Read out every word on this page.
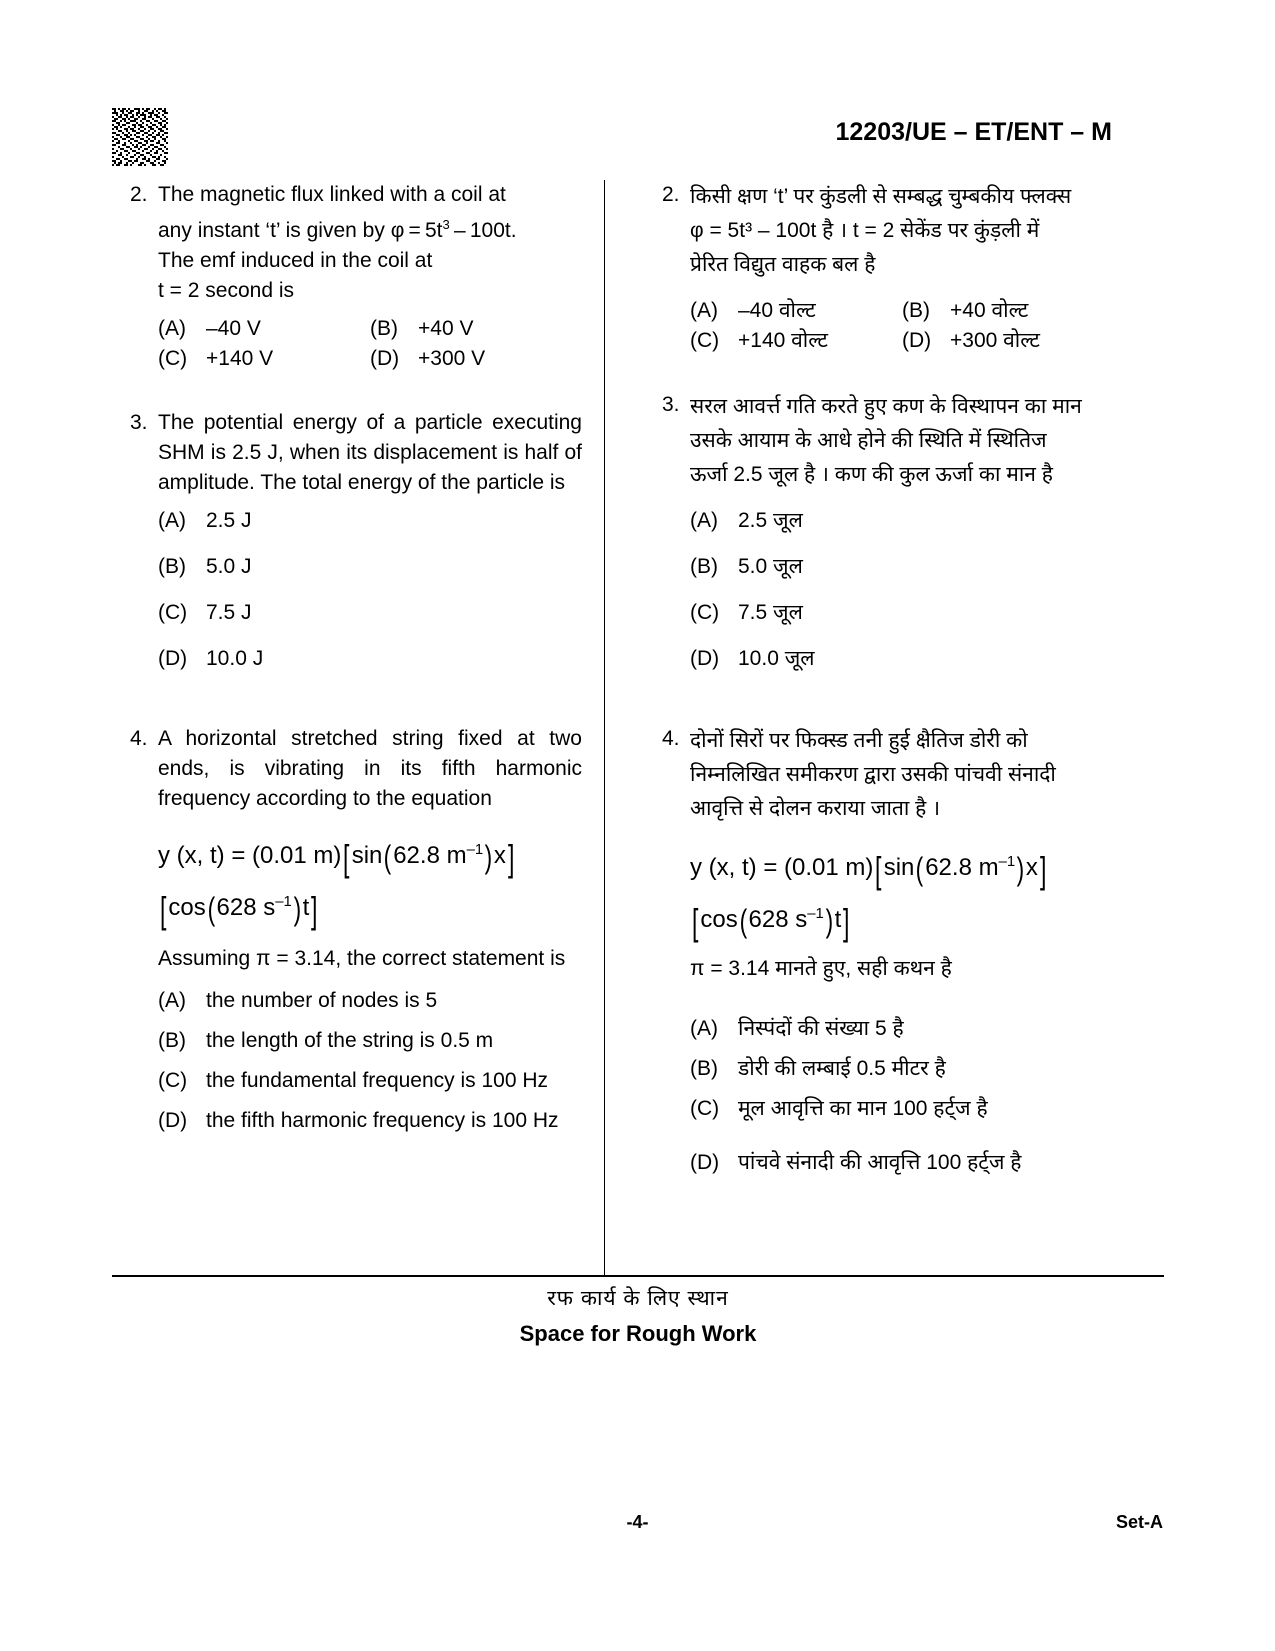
12203/UE – ET/ENT – M
2. The magnetic flux linked with a coil at
any instant ‘t’ is given by $\varphi = 5t^3 - 100t$.
The emf induced in the coil at
t = 2 second is
(A) –40 V	(B) +40 V
(C) +140 V	(D) +300 V
3. The potential energy of a particle executing SHM is 2.5 J, when its displacement is half of amplitude. The total energy of the particle is
(A) 2.5 J
(B) 5.0 J
(C) 7.5 J
(D) 10.0 J
4. A horizontal stretched string fixed at two ends, is vibrating in its fifth harmonic frequency according to the equation
y (x, t) = (0.01 m)[sin(62.8 $m^{-1})x$]
[cos(628 $s^{-1})t$]
Assuming π = 3.14, the correct statement is
(A) the number of nodes is 5
(B) the length of the string is 0.5 m
(C) the fundamental frequency is 100 Hz
(D) the fifth harmonic frequency is 100 Hz
2. किसी क्षण ‘t’ पर कुंडली से सम्बद्ध चुम्बकीय फ्लक्स
φ = 5t³ – 100t है । t = 2 सेकेंड पर कुंड़ली में
प्रेरित विद्युत वाहक बल है
(A) –40 वोल्ट	(B) +40 वोल्ट
(C) +140 वोल्ट	(D) +300 वोल्ट
3. सरल आवर्त्त गति करते हुए कण के विस्थापन का मान
उसके आयाम के आधे होने की स्थिति में स्थितिज
ऊर्जा 2.5 जूल है । कण की कुल ऊर्जा का मान है
(A) 2.5 जूल
(B) 5.0 जूल
(C) 7.5 जूल
(D) 10.0 जूल
4. दोनों सिरों पर फिक्स्ड तनी हुई क्षैतिज डोरी को
निम्नलिखित समीकरण द्वारा उसकी पांचवी संनादी
आवृत्ति से दोलन कराया जाता है ।
y (x, t) = (0.01 m)[sin(62.8 $m^{-1})x$]
[cos(628 $s^{-1})t$]
π = 3.14 मानते हुए, सही कथन है
(A) निस्पंदों की संख्या 5 है
(B) डोरी की लम्बाई 0.5 मीटर है
(C) मूल आवृत्ति का मान 100 हर्ट्ज है
(D) पांचवे संनादी की आवृत्ति 100 हर्ट्ज है
रफ कार्य के लिए स्थान
Space for Rough Work
-4-	Set-A
